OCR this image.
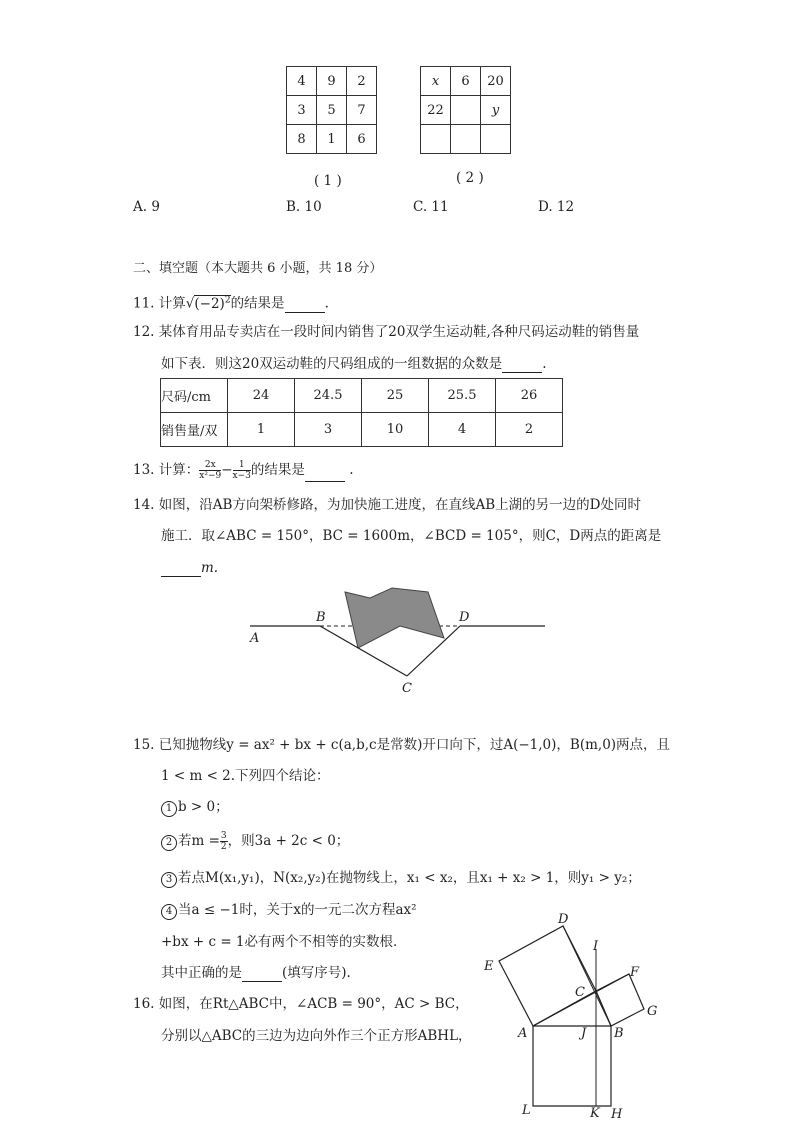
4	9	2
3	5	7
8	1	6
( 1 )
x	6	20
22		y

( 2 )
A. 9	B. 10	C. 11	D. 12
二、填空题（本大题共 6 小题，共 18 分）
11. 计算$√(-2)^2$的结果是	.
12. 某体育用品专卖店在一段时间内销售了20双学生运动鞋,各种尺码运动鞋的销售量
如下表．则这20双运动鞋的尺码组成的一组数据的众数是	.
尺码/cm	24	24.5	25	25.5	26
销售量/双	1	3	10	4	2
13. 计算： $\frac{2x}{\text{x²−9}} - \frac{1}{x-3}$ 的结果是	.
14. 如图，沿AB方向架桥修路，为加快施工进度，在直线AB上湖的另一边的D处同时
施工．取∠ABC = 150°，BC = 1600m，∠BCD = 105°，则C，D两点的距离是
m.
A
B	D
C
15. 已知抛物线y = ax² + bx + c(a,b,c是常数)开口向下，过A(−1,0)，B(m,0)两点，且
1 < m < 2.下列四个结论：
1 b > 0；
2 若$m = \frac{3}{2}$ ，则3a + 2c < 0；
3 若点M(x₁,y₁)，N(x₂,y₂)在抛物线上，x₁ < x₂，且x₁ + x₂ > 1，则y₁ > y₂；
4 当a ≤ −1时，关于x的一元二次方程ax²
+bx + c = 1必有两个不相等的实数根．
其中正确的是	(填写序号).
16. 如图，在Rt△ABC中，∠ACB = 90°，AC > BC，
分别以△ABC的三边为边向外作三个正方形ABHL，
D
I
E	F
C
G
A	J B
L	K H
